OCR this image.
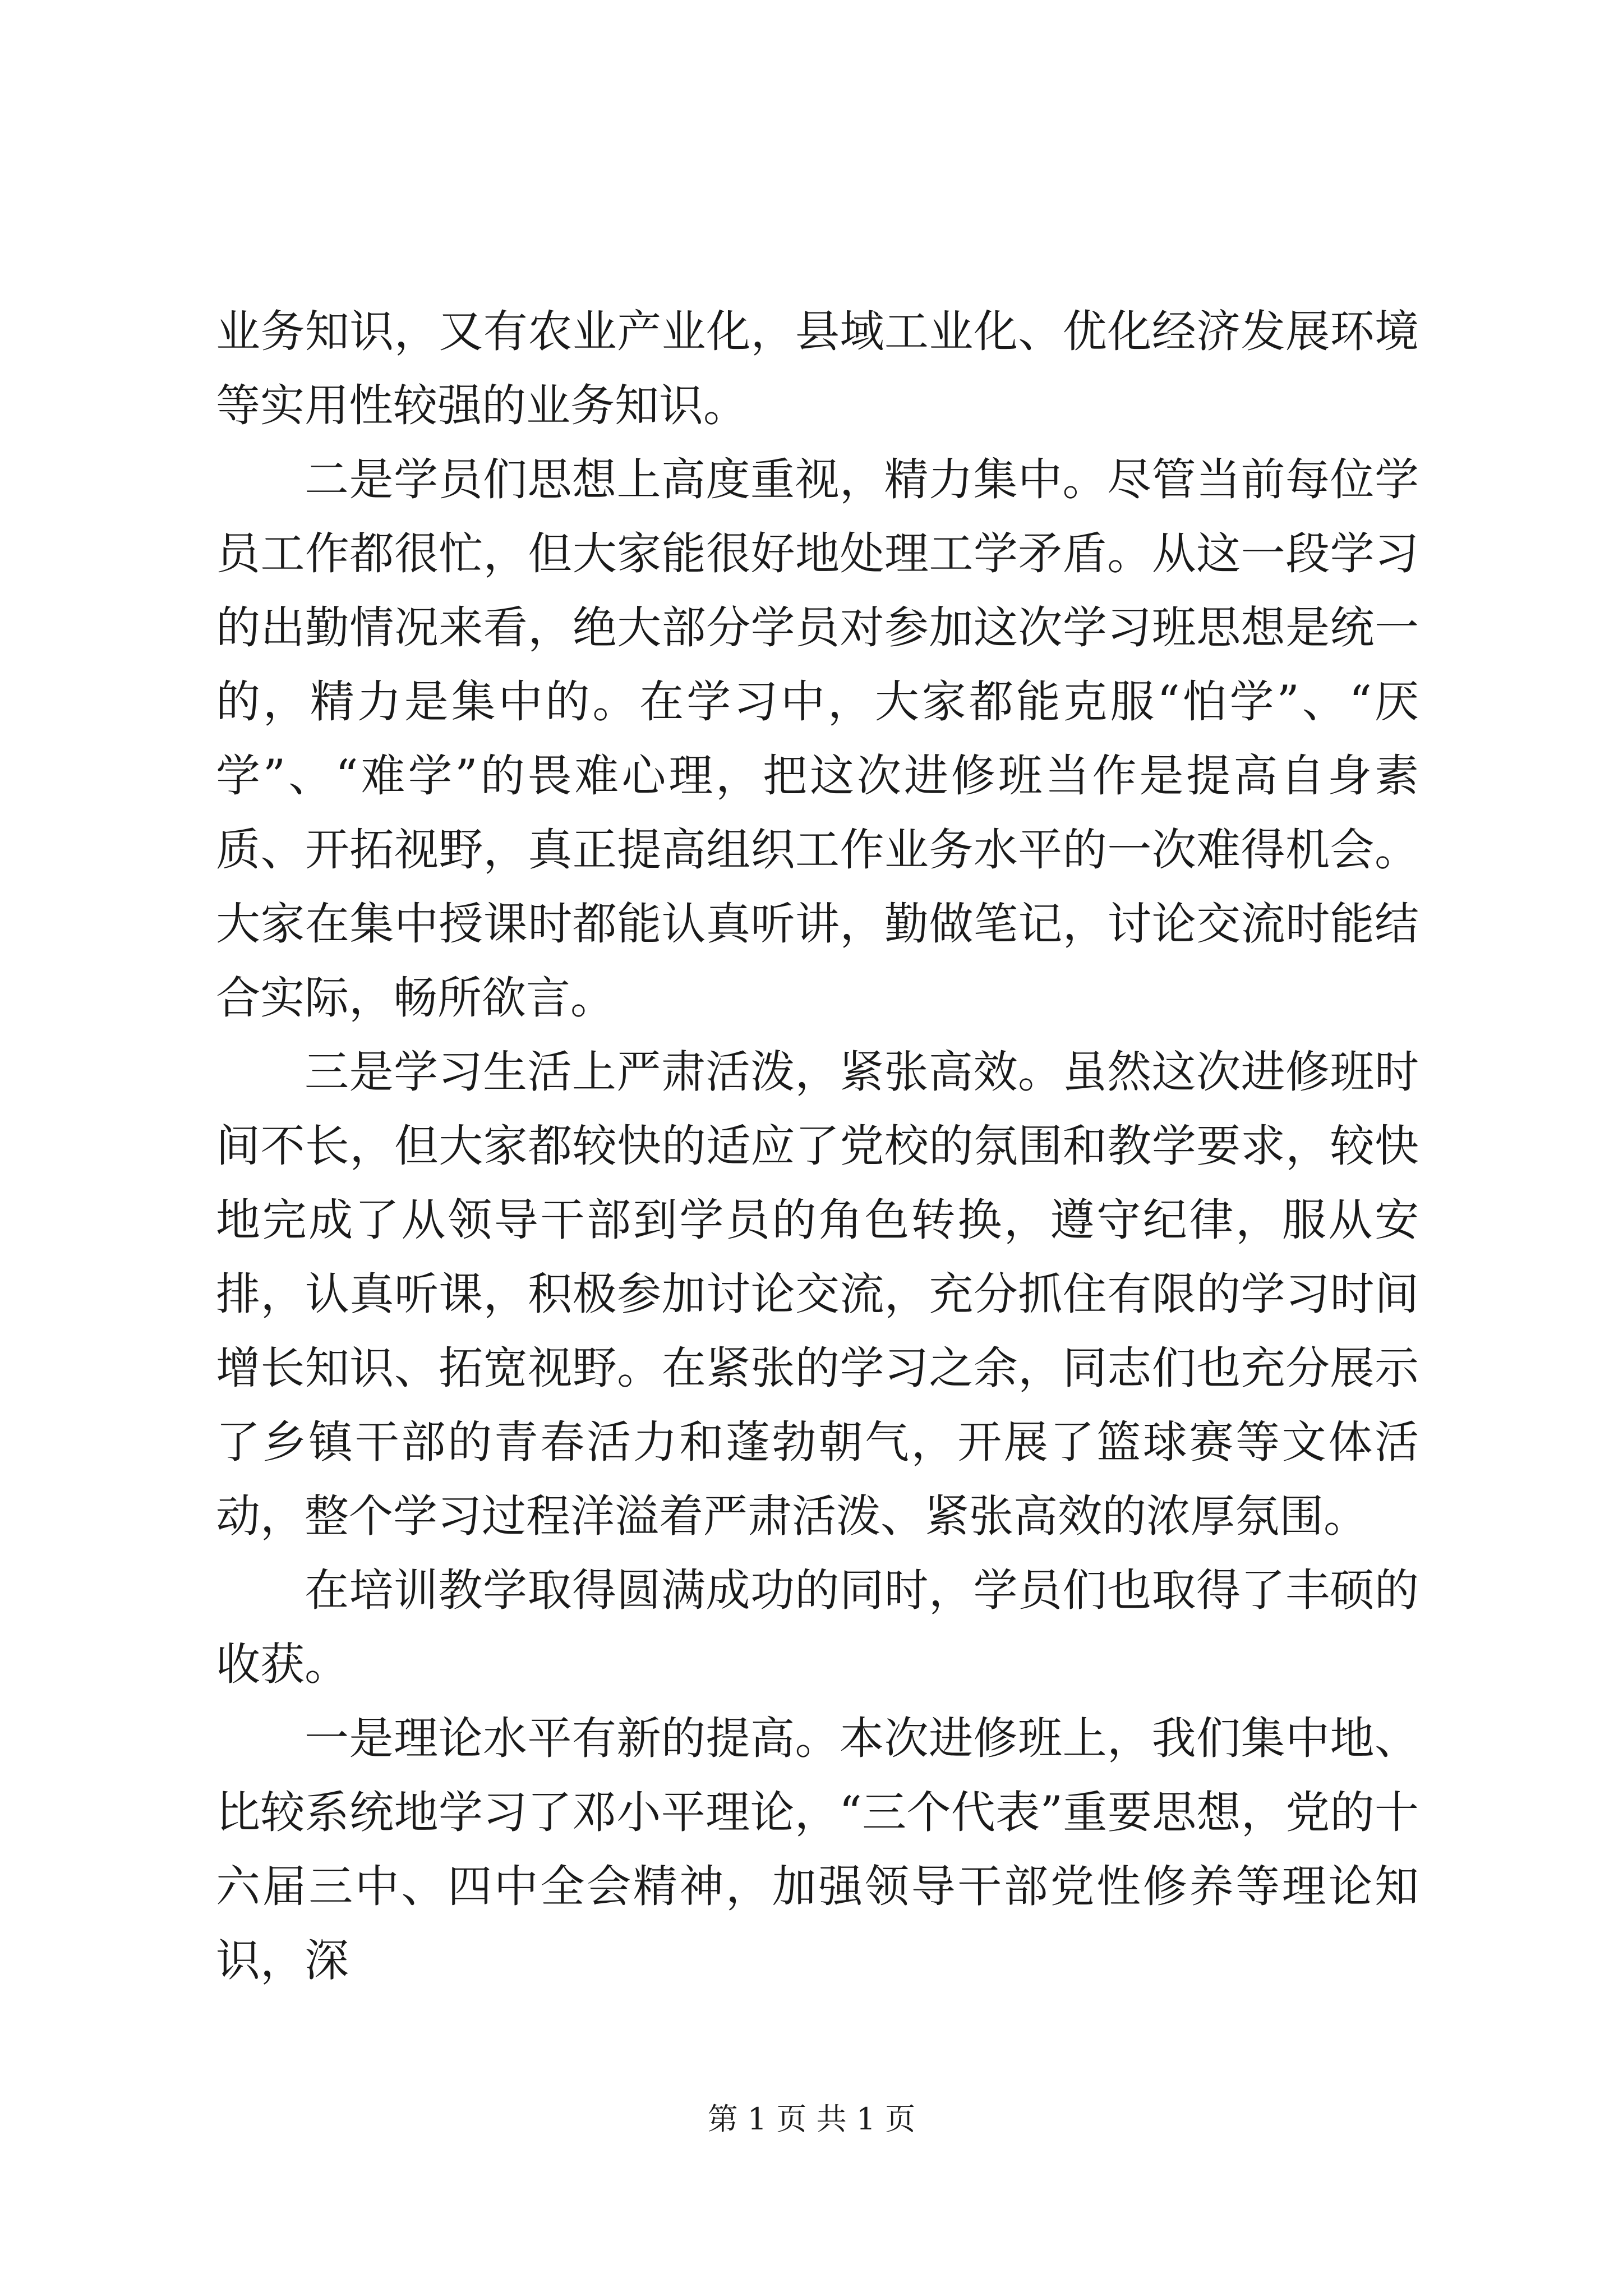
业务知识，又有农业产业化，县域工业化、优化经济发展环境等实用性较强的业务知识。

二是学员们思想上高度重视，精力集中。尽管当前每位学员工作都很忙，但大家能很好地处理工学矛盾。从这一段学习的出勤情况来看，绝大部分学员对参加这次学习班思想是统一的，精力是集中的。在学习中，大家都能克服“怕学”、“厌学”、“难学”的畏难心理，把这次进修班当作是提高自身素质、开拓视野，真正提高组织工作业务水平的一次难得机会。大家在集中授课时都能认真听讲，勤做笔记，讨论交流时能结合实际，畅所欲言。

三是学习生活上严肃活泼，紧张高效。虽然这次进修班时间不长，但大家都较快的适应了党校的氛围和教学要求，较快地完成了从领导干部到学员的角色转换，遵守纪律，服从安排，认真听课，积极参加讨论交流，充分抓住有限的学习时间增长知识、拓宽视野。在紧张的学习之余，同志们也充分展示了乡镇干部的青春活力和蓬勃朝气，开展了篮球赛等文体活动，整个学习过程洋溢着严肃活泼、紧张高效的浓厚氛围。

在培训教学取得圆满成功的同时，学员们也取得了丰硕的收获。

一是理论水平有新的提高。本次进修班上，我们集中地、比较系统地学习了邓小平理论，“三个代表”重要思想，党的十六届三中、四中全会精神，加强领导干部党性修养等理论知识，深

第 1 页 共 1 页
